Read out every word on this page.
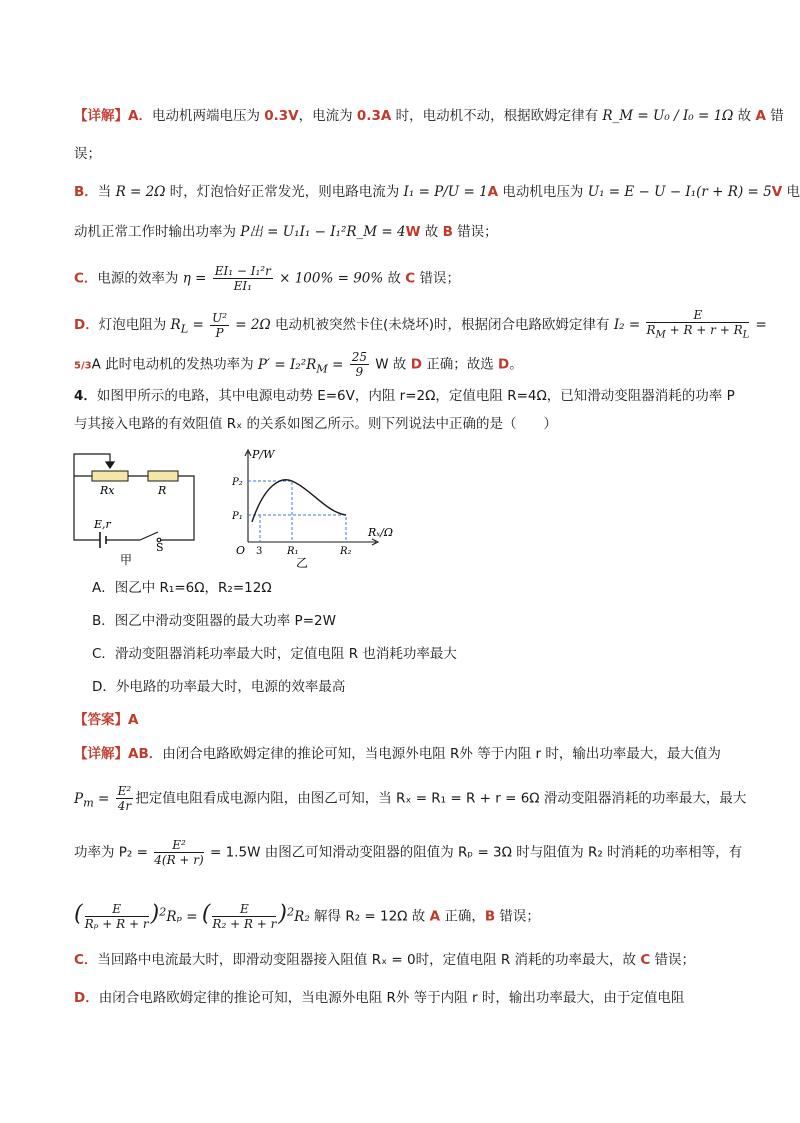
【详解】A．电动机两端电压为 0.3V，电流为 0.3A 时，电动机不动，根据欧姆定律有 R_M = U₀ / I₀ = 1Ω 故 A 错
误；
B．当 R = 2Ω 时，灯泡恰好正常发光，则电路电流为 I₁ = P/U = 1A 电动机电压为 U₁ = E − U − I₁(r + R) = 5V 电
动机正常工作时输出功率为 P出 = U₁I₁ − I₁²R_M = 4W 故 B 错误；
C．电源的效率为 $\eta = \frac{\text{EI₁ − I₁²r}}{\text{EI₁}} \times 100\% = 90\%$ 故 C 错误；
D．灯泡电阻为 $R_L = \frac{\text{U²}}{P} = 2\Omega$ 电动机被突然卡住(未烧坏)时，根据闭合电路欧姆定律有 $I_2 = \frac{E}{R_M + R + r + R_L}$ =
5/3A 此时电动机的发热功率为 $P' = I_2^2R_M = \frac{25}{9}$ W 故 D 正确；故选 D。
4．如图甲所示的电路，其中电源电动势 E=6V，内阻 r=2Ω，定值电阻 R=4Ω，已知滑动变阻器消耗的功率 P
与其接入电路的有效阻值 Rₓ 的关系如图乙所示。则下列说法中正确的是（　　）
Rx	R
E,r
S
甲
P/W
Rₓ/Ω
P₂
P₁
O 3 R₁	R₂
乙
A．图乙中 R₁=6Ω，R₂=12Ω
B．图乙中滑动变阻器的最大功率 P=2W
C．滑动变阻器消耗功率最大时，定值电阻 R 也消耗功率最大
D．外电路的功率最大时，电源的效率最高
【答案】A
【详解】AB．由闭合电路欧姆定律的推论可知，当电源外电阻 R外 等于内阻 r 时，输出功率最大，最大值为
$P_m = \frac{\text{E²}}{4r}$ 把定值电阻看成电源内阻，由图乙可知，当 Rₓ = R₁ = R + r = 6Ω 滑动变阻器消耗的功率最大，最大
功率为 $P_2 = \frac{\text{E²}}{4(R + r)} = 1.5W$ 由图乙可知滑动变阻器的阻值为 Rₚ = 3Ω 时与阻值为 R₂ 时消耗的功率相等，有
( $\frac{E}{\text{Rₚ + R + r}} )^2R_p$ = ( $\frac{E}{\text{R₂ + R + r}} )^2R_2$ 解得 R₂ = 12Ω 故 A 正确，B 错误；
C．当回路中电流最大时，即滑动变阻器接入阻值 Rₓ = 0时，定值电阻 R 消耗的功率最大，故 C 错误；
D．由闭合电路欧姆定律的推论可知，当电源外电阻 R外 等于内阻 r 时，输出功率最大，由于定值电阻
